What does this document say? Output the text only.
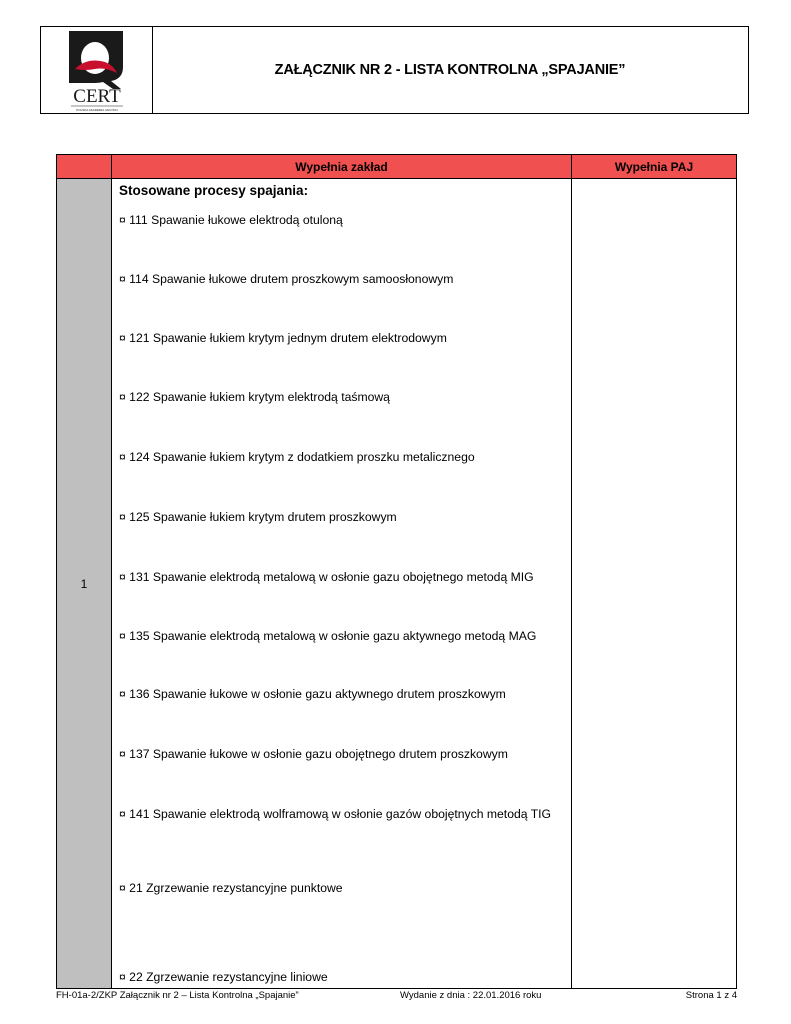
CERT
POLSKA AKADEMIA JAKOŚCI
ZAŁĄCZNIK NR 2 - LISTA KONTROLNA „SPAJANIE”
Wypełnia zakład	Wypełnia PAJ
1
Stosowane procesy spajania:
¤ 111 Spawanie łukowe elektrodą otuloną
¤ 114 Spawanie łukowe drutem proszkowym samoosłonowym
¤ 121 Spawanie łukiem krytym jednym drutem elektrodowym
¤ 122 Spawanie łukiem krytym elektrodą taśmową
¤ 124 Spawanie łukiem krytym z dodatkiem proszku metalicznego
¤ 125 Spawanie łukiem krytym drutem proszkowym
¤ 131 Spawanie elektrodą metalową w osłonie gazu obojętnego metodą MIG
¤ 135 Spawanie elektrodą metalową w osłonie gazu aktywnego metodą MAG
¤ 136 Spawanie łukowe w osłonie gazu aktywnego drutem proszkowym
¤ 137 Spawanie łukowe w osłonie gazu obojętnego drutem proszkowym
¤ 141 Spawanie elektrodą wolframową w osłonie gazów obojętnych metodą TIG
¤ 21 Zgrzewanie rezystancyjne punktowe
¤ 22 Zgrzewanie rezystancyjne liniowe
FH-01a-2/ZKP Załącznik nr 2 – Lista Kontrolna „Spajanie”	Wydanie z dnia : 22.01.2016 roku	Strona 1 z 4
